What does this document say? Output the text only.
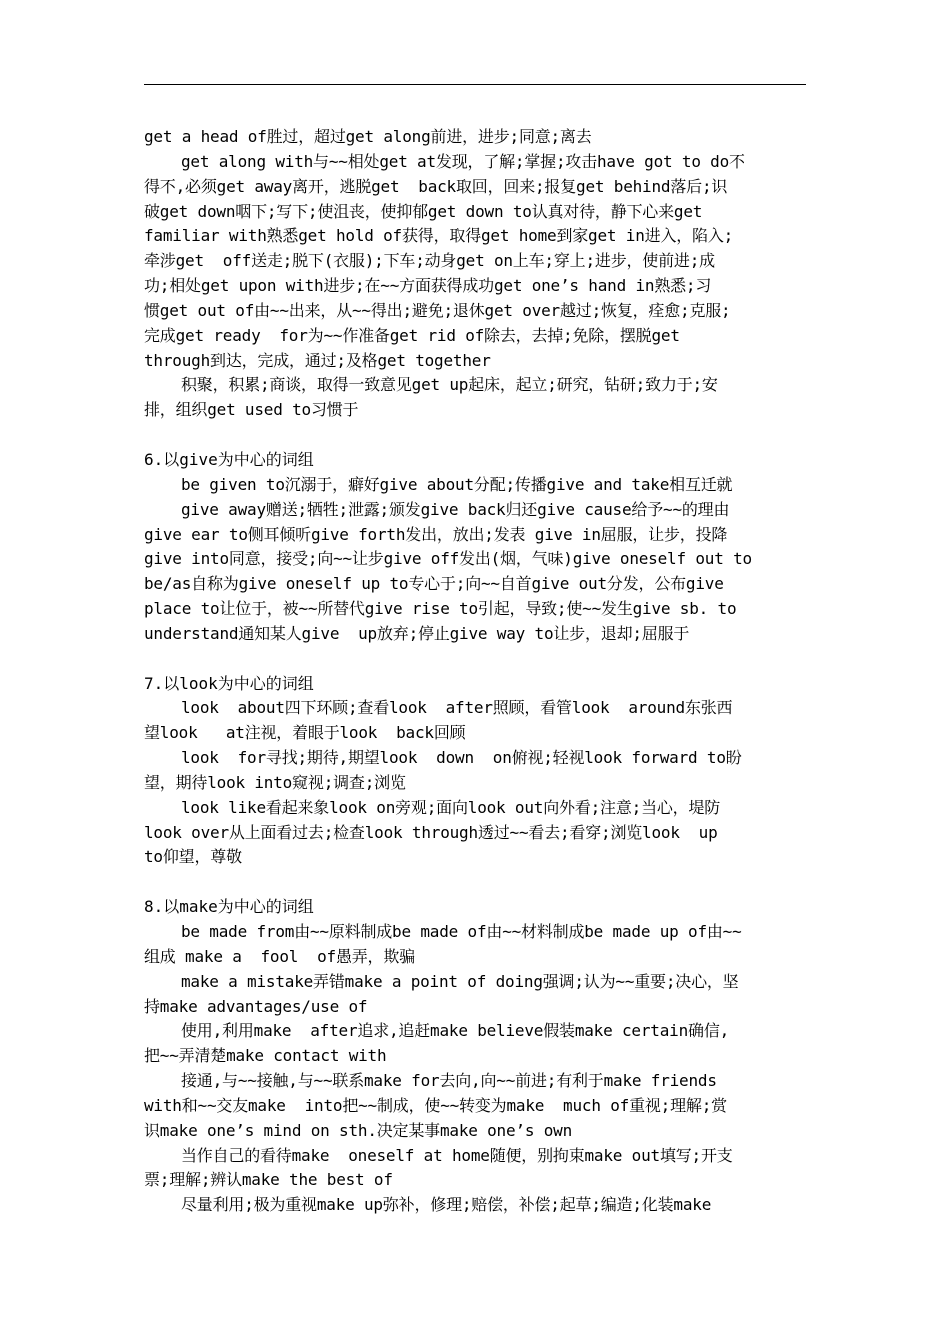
get a head of胜过，超过get along前进，进步;同意;离去
get along with与~~相处get at发现，了解;掌握;攻击have got to do不
得不,必须get away离开，逃脱get  back取回，回来;报复get behind落后;识
破get down咽下;写下;使沮丧，使抑郁get down to认真对待，静下心来get
familiar with熟悉get hold of获得，取得get home到家get in进入，陷入;
牵涉get  off送走;脱下(衣服);下车;动身get on上车;穿上;进步，使前进;成
功;相处get upon with进步;在~~方面获得成功get one’s hand in熟悉;习
惯get out of由~~出来，从~~得出;避免;退休get over越过;恢复，痊愈;克服;
完成get ready  for为~~作准备get rid of除去，去掉;免除，摆脱get
through到达，完成，通过;及格get together
积聚，积累;商谈，取得一致意见get up起床，起立;研究，钻研;致力于;安
排，组织get used to习惯于
6.以give为中心的词组
be given to沉溺于，癖好give about分配;传播give and take相互迁就
give away赠送;牺牲;泄露;颁发give back归还give cause给予~~的理由
give ear to侧耳倾听give forth发出，放出;发表 give in屈服，让步，投降
give into同意，接受;向~~让步give off发出(烟，气味)give oneself out to
be/as自称为give oneself up to专心于;向~~自首give out分发，公布give
place to让位于，被~~所替代give rise to引起，导致;使~~发生give sb. to
understand通知某人give  up放弃;停止give way to让步，退却;屈服于
7.以look为中心的词组
look  about四下环顾;查看look  after照顾，看管look  around东张西
望look   at注视，着眼于look  back回顾
look  for寻找;期待,期望look  down  on俯视;轻视look forward to盼
望，期待look into窥视;调查;浏览
look like看起来象look on旁观;面向look out向外看;注意;当心，堤防
look over从上面看过去;检查look through透过~~看去;看穿;浏览look  up
to仰望，尊敬
8.以make为中心的词组
be made from由~~原料制成be made of由~~材料制成be made up of由~~
组成 make a  fool  of愚弄，欺骗
make a mistake弄错make a point of doing强调;认为~~重要;决心，坚
持make advantages/use of
使用,利用make  after追求,追赶make believe假装make certain确信,
把~~弄清楚make contact with
接通,与~~接触,与~~联系make for去向,向~~前进;有利于make friends
with和~~交友make  into把~~制成，使~~转变为make  much of重视;理解;赏
识make one’s mind on sth.决定某事make one’s own
当作自己的看待make  oneself at home随便，别拘束make out填写;开支
票;理解;辨认make the best of
尽量利用;极为重视make up弥补，修理;赔偿，补偿;起草;编造;化装make
